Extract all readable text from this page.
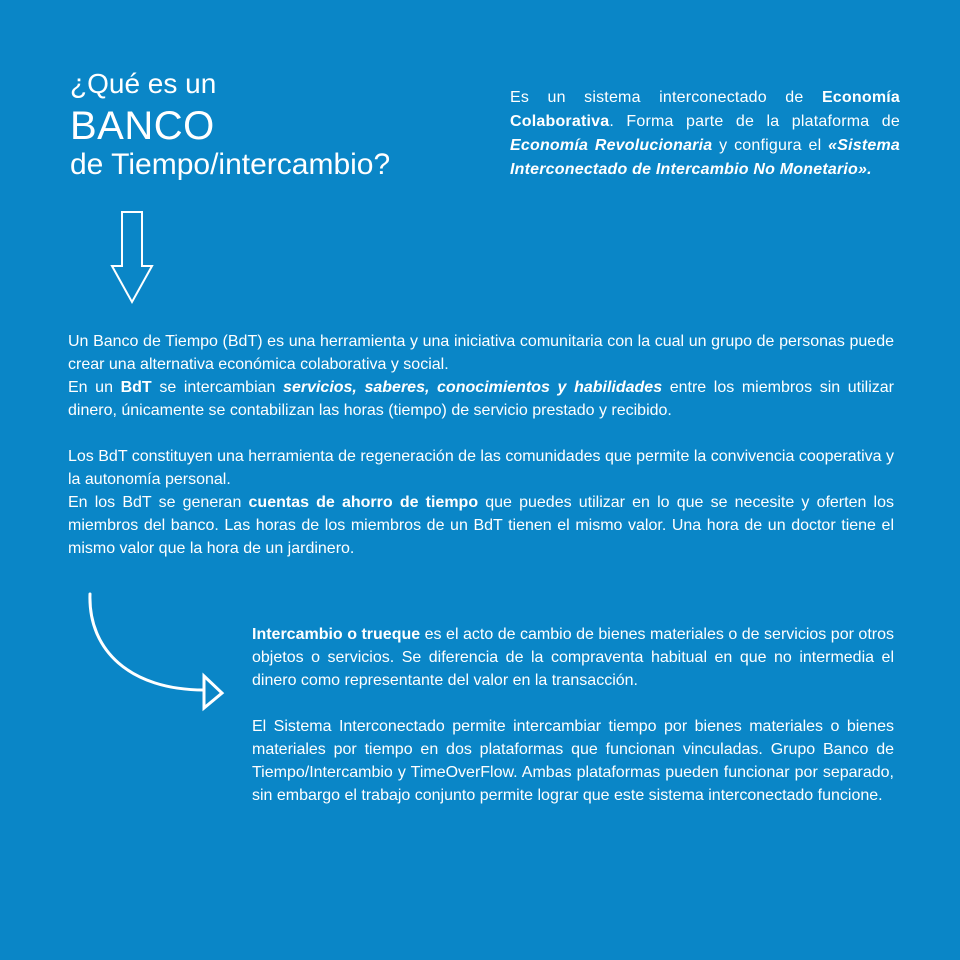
¿Qué es un
BANCO
de Tiempo/intercambio?
Es un sistema interconectado de Economía Colaborativa. Forma parte de la plataforma de Economía Revolucionaria y configura el «Sistema Interconectado de Intercambio No Monetario».

Un Banco de Tiempo (BdT) es una herramienta y una iniciativa comunitaria con la cual un grupo de personas puede crear una alternativa económica colaborativa y social.
En un BdT se intercambian servicios, saberes, conocimientos y habilidades entre los miembros sin utilizar dinero, únicamente se contabilizan las horas (tiempo) de servicio prestado y recibido.

Los BdT constituyen una herramienta de regeneración de las comunidades que permite la convivencia cooperativa y la autonomía personal.
En los BdT se generan cuentas de ahorro de tiempo que puedes utilizar en lo que se necesite y oferten los miembros del banco. Las horas de los miembros de un BdT tienen el mismo valor. Una hora de un doctor tiene el mismo valor que la hora de un jardinero.

Intercambio o trueque es el acto de cambio de bienes materiales o de servicios por otros objetos o servicios. Se diferencia de la compraventa habitual en que no intermedia el dinero como representante del valor en la transacción.

El Sistema Interconectado permite intercambiar tiempo por bienes materiales o bienes materiales por tiempo en dos plataformas que funcionan vinculadas. Grupo Banco de Tiempo/Intercambio y TimeOverFlow. Ambas plataformas pueden funcionar por separado, sin embargo el trabajo conjunto permite lograr que este sistema interconectado funcione.
